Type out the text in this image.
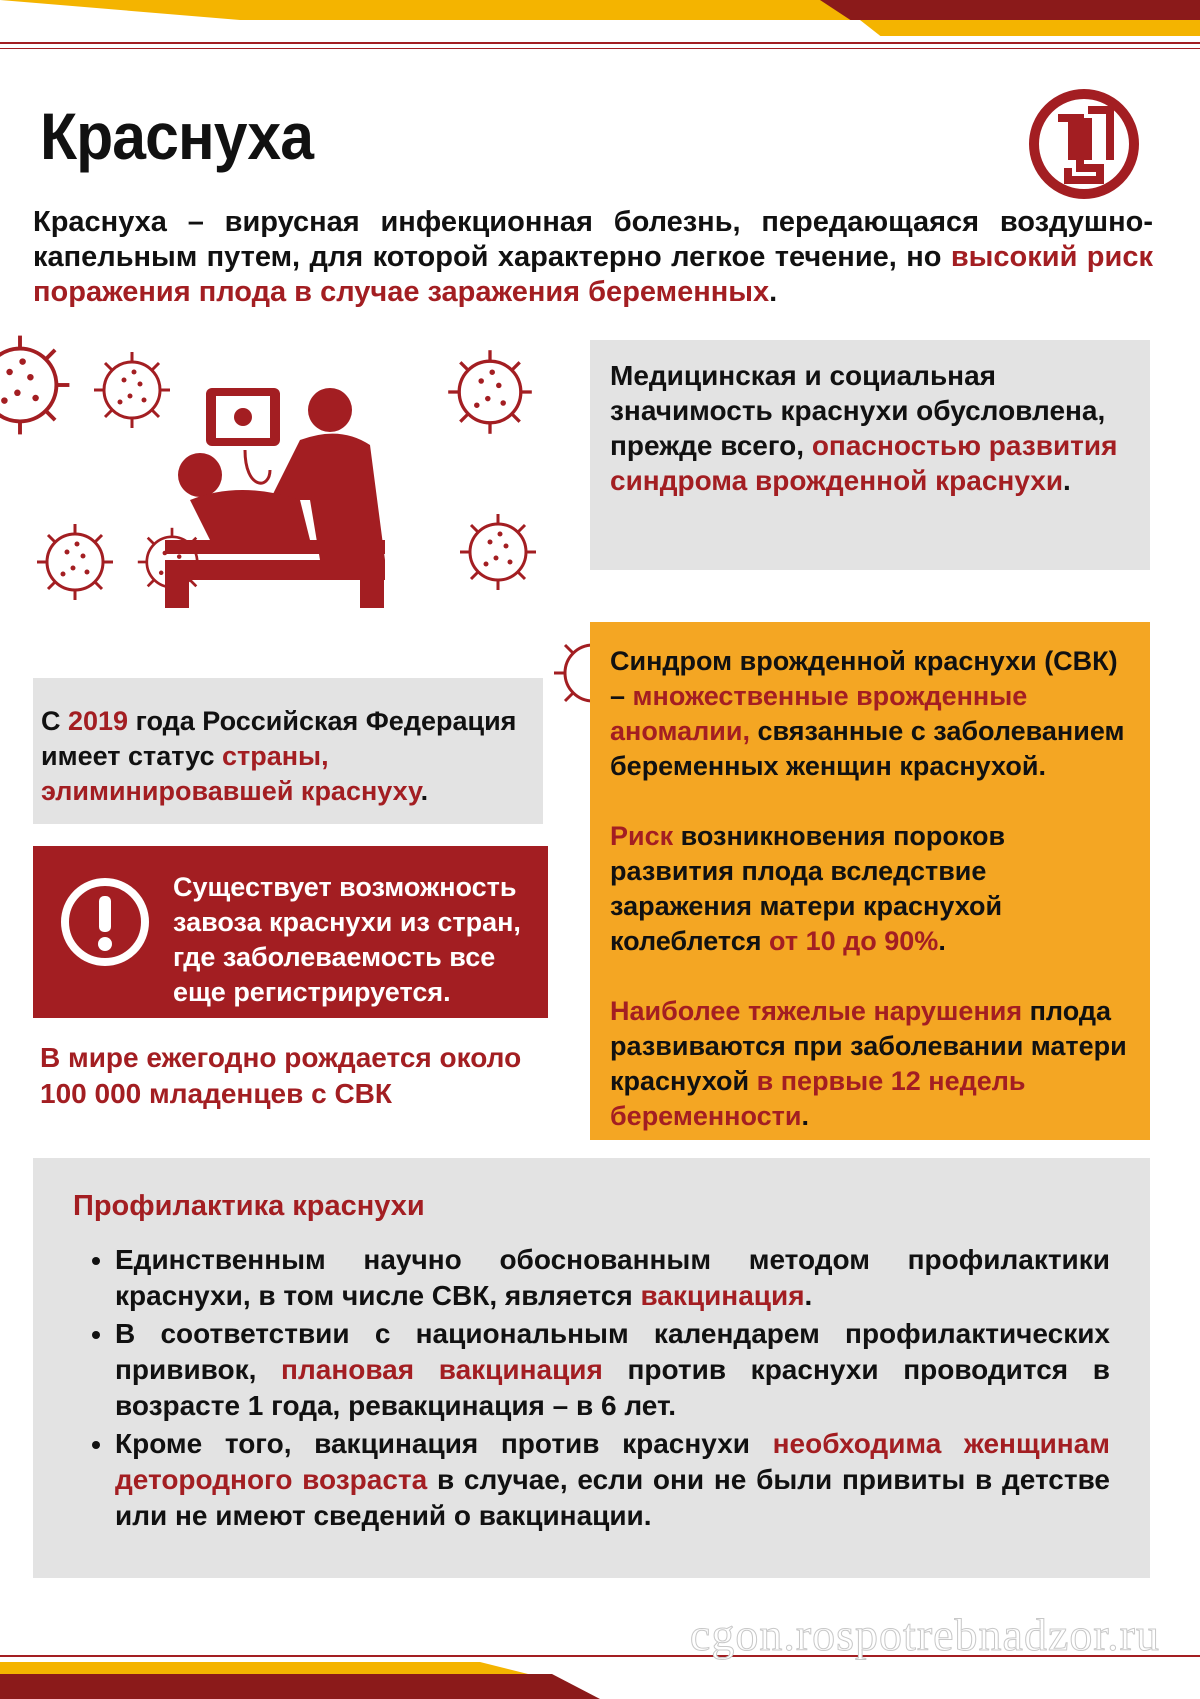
Краснуха
Краснуха – вирусная инфекционная болезнь, передающаяся воздушно-капельным путем, для которой характерно легкое течение, но высокий риск поражения плода в случае заражения беременных.

Медицинская и социальная значимость краснухи обусловлена, прежде всего, опасностью развития синдрома врожденной краснухи.

С 2019 года Российская Федерация имеет статус страны, элиминировавшей краснуху.

Существует возможность завоза краснухи из стран, где заболеваемость все еще регистрируется.

В мире ежегодно рождается около 100 000 младенцев с СВК

Синдром врожденной краснухи (СВК) – множественные врожденные аномалии, связанные с заболеванием беременных женщин краснухой.

Риск возникновения пороков развития плода вследствие заражения матери краснухой колеблется от 10 до 90%.

Наиболее тяжелые нарушения плода развиваются при заболевании матери краснухой в первые 12 недель беременности.

Профилактика краснухи
• Единственным научно обоснованным методом профилактики краснухи, в том числе СВК, является вакцинация.
• В соответствии с национальным календарем профилактических прививок, плановая вакцинация против краснухи проводится в возрасте 1 года, ревакцинация – в 6 лет.
• Кроме того, вакцинация против краснухи необходима женщинам детородного возраста в случае, если они не были привиты в детстве или не имеют сведений о вакцинации.
cgon.rospotrebnadzor.ru
